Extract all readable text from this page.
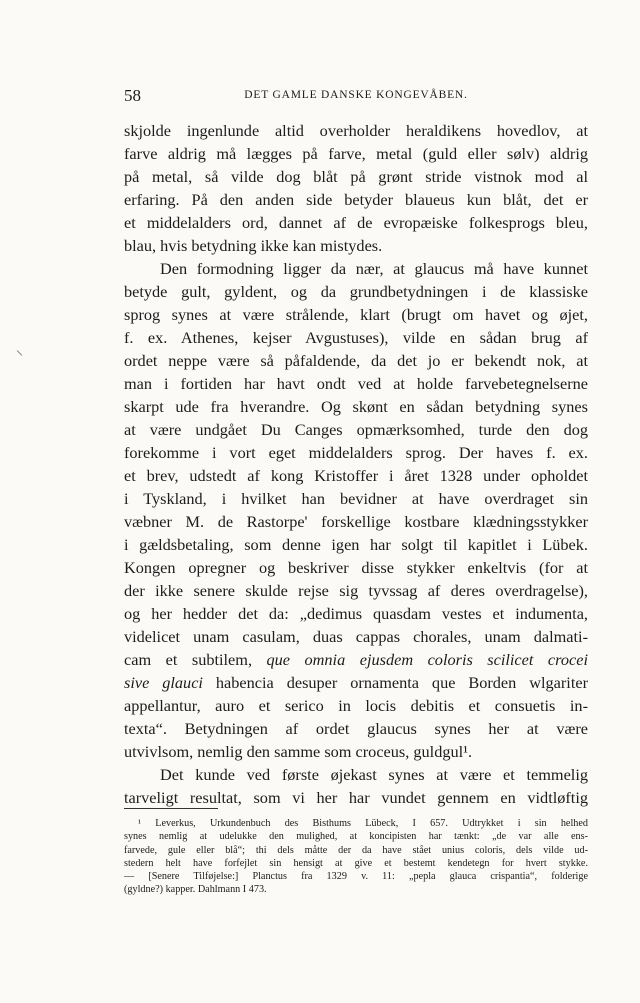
58	DET GAMLE DANSKE KONGEVÅBEN.
skjolde ingenlunde altid overholder heraldikens hovedlov, at
farve aldrig må lægges på farve, metal (guld eller sølv) aldrig
på metal, så vilde dog blåt på grønt stride vistnok mod al
erfaring. På den anden side betyder blaueus kun blåt, det er
et middelalders ord, dannet af de evropæiske folkesprogs bleu,
blau, hvis betydning ikke kan mistydes.
Den formodning ligger da nær, at glaucus må have kunnet
betyde gult, gyldent, og da grundbetydningen i de klassiske
sprog synes at være strålende, klart (brugt om havet og øjet,
f. ex. Athenes, kejser Avgustuses), vilde en sådan brug af
ordet neppe være så påfaldende, da det jo er bekendt nok, at
man i fortiden har havt ondt ved at holde farvebetegnelserne
skarpt ude fra hverandre. Og skønt en sådan betydning synes
at være undgået Du Canges opmærksomhed, turde den dog
forekomme i vort eget middelalders sprog. Der haves f. ex.
et brev, udstedt af kong Kristoffer i året 1328 under opholdet
i Tyskland, i hvilket han bevidner at have overdraget sin
væbner M. de Rastorpe' forskellige kostbare klædningsstykker
i gældsbetaling, som denne igen har solgt til kapitlet i Lübek.
Kongen opregner og beskriver disse stykker enkeltvis (for at
der ikke senere skulde rejse sig tyvssag af deres overdragelse),
og her hedder det da: „dedimus quasdam vestes et indumenta,
videlicet unam casulam, duas cappas chorales, unam dalmati-
cam et subtilem, que omnia ejusdem coloris scilicet crocei
sive glauci habencia desuper ornamenta que Borden wlgariter
appellantur, auro et serico in locis debitis et consuetis in-
texta“. Betydningen af ordet glaucus synes her at være
utvivlsom, nemlig den samme som croceus, guldgul¹.
Det kunde ved første øjekast synes at være et temmelig
tarveligt resultat, som vi her har vundet gennem en vidtløftig
¹ Leverkus, Urkundenbuch des Bisthums Lübeck, I 657. Udtrykket i sin helhed
synes nemlig at udelukke den mulighed, at koncipisten har tænkt: „de var alle ens-
farvede, gule eller blå“; thi dels måtte der da have stået unius coloris, dels vilde ud-
stedern helt have forfejlet sin hensigt at give et bestemt kendetegn for hvert stykke.
— [Senere Tilføjelse:] Planctus fra 1329 v. 11: „pepla glauca crispantia“, folderige
(gyldne?) kapper. Dahlmann I 473.
